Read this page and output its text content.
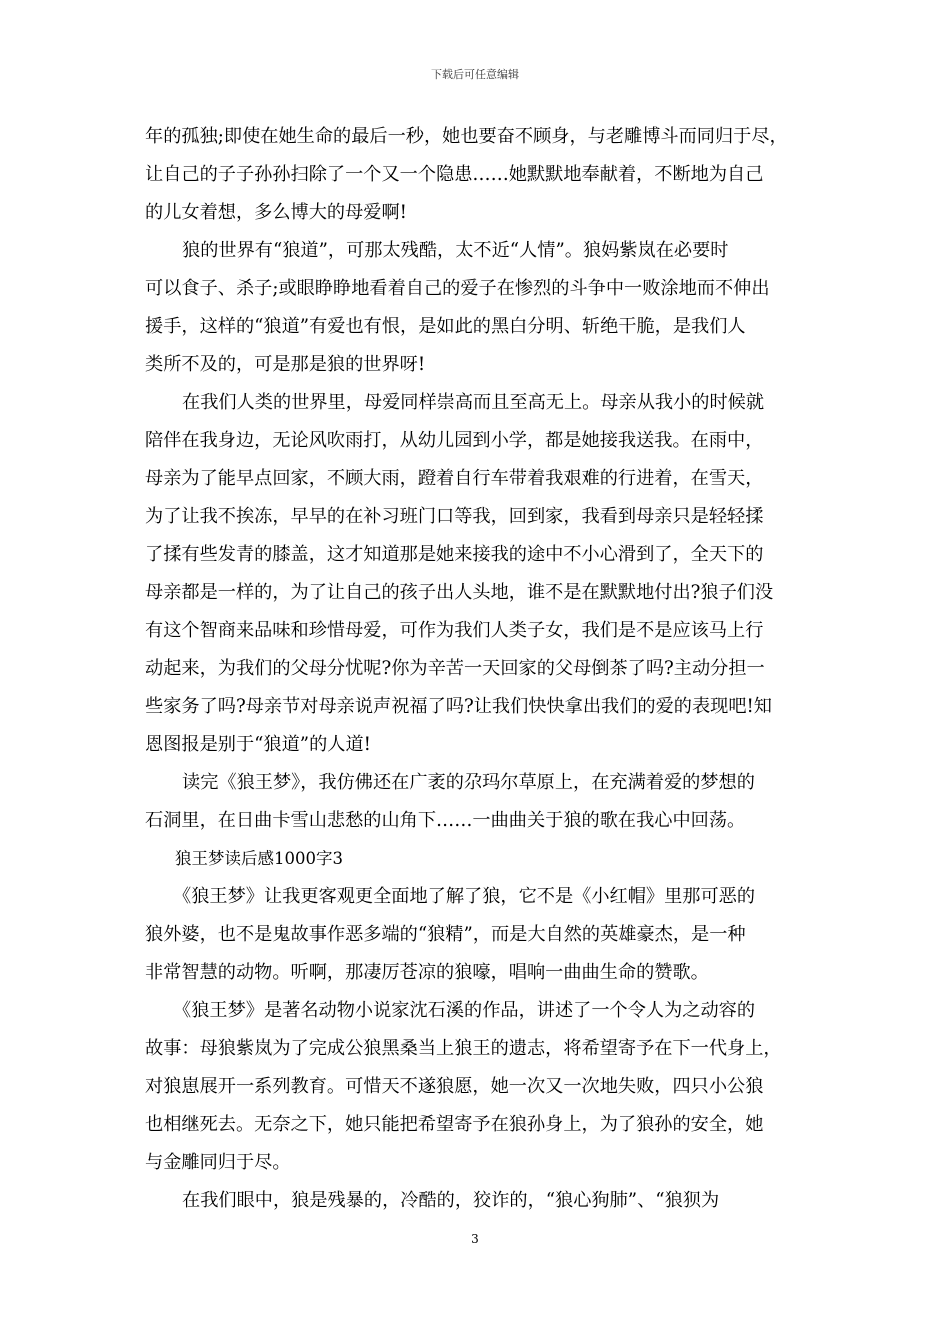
下载后可任意编辑
年的孤独;即使在她生命的最后一秒，她也要奋不顾身，与老雕博斗而同归于尽，
让自己的子子孙孙扫除了一个又一个隐患……她默默地奉献着，不断地为自己
的儿女着想，多么博大的母爱啊!
狼的世界有“狼道”，可那太残酷，太不近“人情”。狼妈紫岚在必要时
可以食子、杀子;或眼睁睁地看着自己的爱子在惨烈的斗争中一败涂地而不伸出
援手，这样的“狼道”有爱也有恨，是如此的黑白分明、斩绝干脆，是我们人
类所不及的，可是那是狼的世界呀!
在我们人类的世界里，母爱同样崇高而且至高无上。母亲从我小的时候就
陪伴在我身边，无论风吹雨打，从幼儿园到小学，都是她接我送我。在雨中，
母亲为了能早点回家，不顾大雨，蹬着自行车带着我艰难的行进着，在雪天，
为了让我不挨冻，早早的在补习班门口等我，回到家，我看到母亲只是轻轻揉
了揉有些发青的膝盖，这才知道那是她来接我的途中不小心滑到了，全天下的
母亲都是一样的，为了让自己的孩子出人头地，谁不是在默默地付出?狼子们没
有这个智商来品味和珍惜母爱，可作为我们人类子女，我们是不是应该马上行
动起来，为我们的父母分忧呢?你为辛苦一天回家的父母倒茶了吗?主动分担一
些家务了吗?母亲节对母亲说声祝福了吗?让我们快快拿出我们的爱的表现吧!知
恩图报是别于“狼道”的人道!
读完《狼王梦》，我仿佛还在广袤的尕玛尔草原上，在充满着爱的梦想的
石洞里，在日曲卡雪山悲愁的山角下……一曲曲关于狼的歌在我心中回荡。
狼王梦读后感1000字3
《狼王梦》让我更客观更全面地了解了狼，它不是《小红帽》里那可恶的
狼外婆，也不是鬼故事作恶多端的“狼精”，而是大自然的英雄豪杰，是一种
非常智慧的动物。听啊，那凄厉苍凉的狼嚎，唱响一曲曲生命的赞歌。
《狼王梦》是著名动物小说家沈石溪的作品，讲述了一个令人为之动容的
故事：母狼紫岚为了完成公狼黑桑当上狼王的遗志，将希望寄予在下一代身上，
对狼崽展开一系列教育。可惜天不遂狼愿，她一次又一次地失败，四只小公狼
也相继死去。无奈之下，她只能把希望寄予在狼孙身上，为了狼孙的安全，她
与金雕同归于尽。
在我们眼中，狼是残暴的，冷酷的，狡诈的，“狼心狗肺”、“狼狈为
3
